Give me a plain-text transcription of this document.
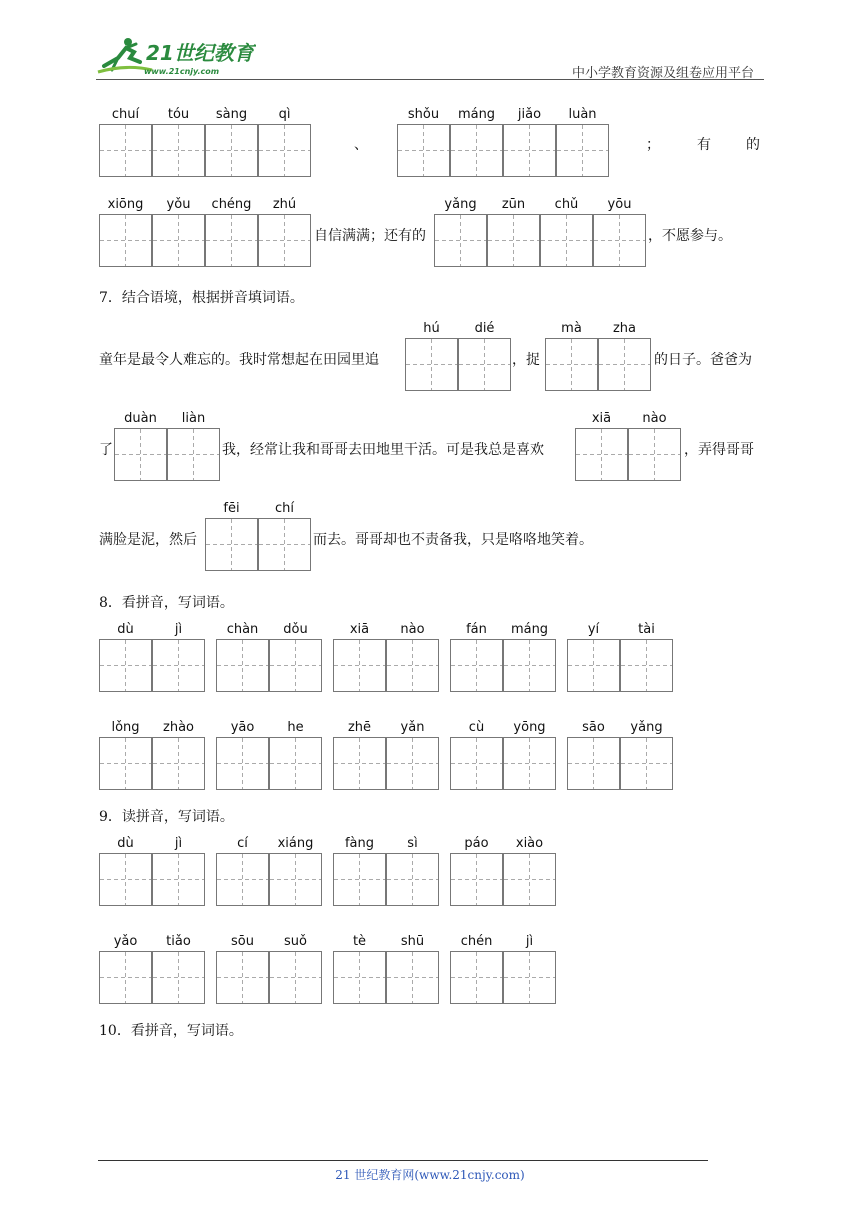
21世纪教育
www.21cnjy.com	中小学教育资源及组卷应用平台
chuí	tóu	sàng	qì
、
shǒu	máng	jiǎo	luàn
；	有	的
xiōng	yǒu	chéng	zhú
自信满满；还有的
yǎng	zūn	chǔ	yōu
，不愿参与。
7．结合语境，根据拼音填词语。
童年是最令人难忘的。我时常想起在田园里追
hú	dié
，捉
mà	zha
的日子。爸爸为
了
duàn	liàn
我，经常让我和哥哥去田地里干活。可是我总是喜欢
xiā	nào
，弄得哥哥
满脸是泥，然后
fēi	chí
而去。哥哥却也不责备我，只是咯咯地笑着。
8．看拼音，写词语。
dù	jì	chàn	dǒu	xiā	nào	fán	máng	yí	tài
lǒng	zhào	yāo	he	zhē	yǎn	cù	yōng	sāo	yǎng
9．读拼音，写词语。
dù	jì	cí	xiáng	fàng	sì	páo	xiào
yǎo	tiǎo	sōu	suǒ	tè	shū	chén	jì
10．看拼音，写词语。
21 世纪教育网(www.21cnjy.com)
